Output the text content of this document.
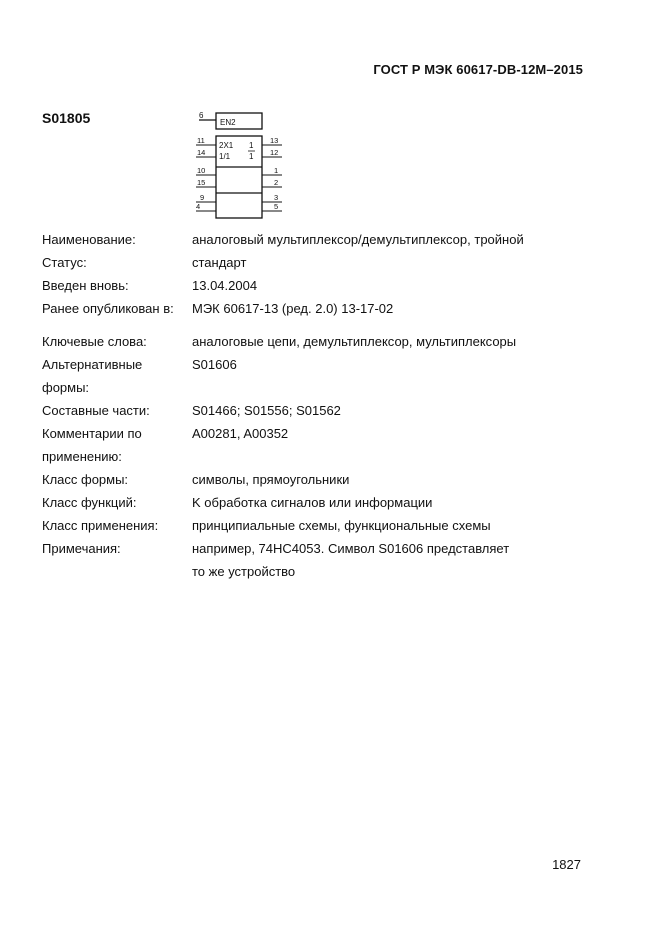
ГОСТ Р МЭК 60617-DB-12M–2015
S01805	6
EN2
2X1
1/1
1
1
11
14
10
15
9
4
13
12
1
2
3
5
Наименование:	аналоговый мультиплексор/демультиплексор, тройной
Статус:	стандарт
Введен вновь:	13.04.2004
Ранее опубликован в:	МЭК 60617-13 (ред. 2.0) 13-17-02
Ключевые слова:	аналоговые цепи, демультиплексор, мультиплексоры
Альтернативные	S01606
формы:
Составные части:	S01466; S01556; S01562
Комментарии по	A00281, A00352
применению:
Класс формы:	символы, прямоугольники
Класс функций:	K обработка сигналов или информации
Класс применения:	принципиальные схемы, функциональные схемы
Примечания:	например, 74HC4053. Символ S01606 представляет
то же устройство
1827
